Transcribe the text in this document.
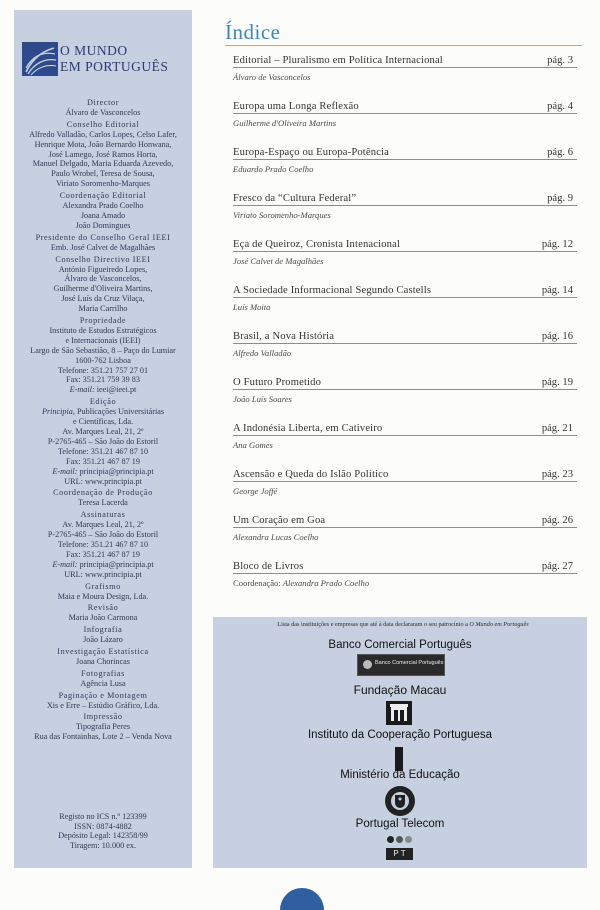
O MUNDO
EM PORTUGUÊS
Director
Álvaro de Vasconcelos
Conselho Editorial
Alfredo Valladão, Carlos Lopes, Celso Lafer,
Henrique Mota, João Bernardo Honwana,
José Lamego, José Ramos Horta,
Manuel Delgado, Maria Eduarda Azevedo,
Paulo Wrobel, Teresa de Sousa,
Viriato Soromenho-Marques
Coordenação Editorial
Alexandra Prado Coelho
Joana Amado
João Domingues
Presidente do Conselho Geral IEEI
Emb. José Calvet de Magalhães
Conselho Directivo IEEI
António Figueiredo Lopes,
Álvaro de Vasconcelos,
Guilherme d'Oliveira Martins,
José Luís da Cruz Vilaça,
Maria Carrilho
Propriedade
Instituto de Estudos Estratégicos
e Internacionais (IEEI)
Largo de São Sebastião, 8 – Paço do Lumiar
1600-762 Lisboa
Telefone: 351.21 757 27 01
Fax: 351.21 759 39 83
E-mail: ieei@ieei.pt
Edição
Principia, Publicações Universitárias
e Científicas, Lda.
Av. Marques Leal, 21, 2º
P-2765-465 – São João do Estoril
Telefone: 351.21 467 87 10
Fax: 351.21 467 87 19
E-mail: principia@principia.pt
URL: www.principia.pt
Coordenação de Produção
Teresa Lacerda
Assinaturas
Av. Marques Leal, 21, 2º
P-2765-465 – São João do Estoril
Telefone: 351.21 467 87 10
Fax: 351.21 467 87 19
E-mail: principia@principia.pt
URL: www.principia.pt
Grafismo
Maia e Moura Design, Lda.
Revisão
Maria João Carmona
Infografia
João Lázaro
Investigação Estatística
Joana Chorincas
Fotografias
Agência Lusa
Paginação e Montagem
Xis e Erre – Estúdio Gráfico, Lda.
Impressão
Tipografia Peres
Rua das Fontainhas, Lote 2 – Venda Nova
Registo no ICS n.º 123399
ISSN: 0874-4882
Depósito Legal: 142358/99
Tiragem: 10.000 ex.
Índice
Editorial – Pluralismo em Política Internacional	pág. 3
Álvaro de Vasconcelos
Europa uma Longa Reflexão	pág. 4
Guilherme d'Oliveira Martins
Europa-Espaço ou Europa-Potência	pág. 6
Eduardo Prado Coelho
Fresco da “Cultura Federal”	pág. 9
Viriato Soromenho-Marques
Eça de Queiroz, Cronista Intenacional	pág. 12
José Calvet de Magalhães
A Sociedade Informacional Segundo Castells	pág. 14
Luís Moita
Brasil, a Nova História	pág. 16
Alfredo Valladão
O Futuro Prometido	pág. 19
João Luís Soares
A Indonésia Liberta, em Cativeiro	pág. 21
Ana Gomes
Ascensão e Queda do Islão Político	pág. 23
George Joffé
Um Coração em Goa	pág. 26
Alexandra Lucas Coelho
Bloco de Livros	pág. 27
Coordenação: Alexandra Prado Coelho
Lista das instituições e empresas que até à data declararam o seu patrocínio a O Mundo em Português
Banco Comercial Português
Banco Comercial Português
Fundação Macau
Instituto da Cooperação Portuguesa
Ministério da Educação
Portugal Telecom
P T
